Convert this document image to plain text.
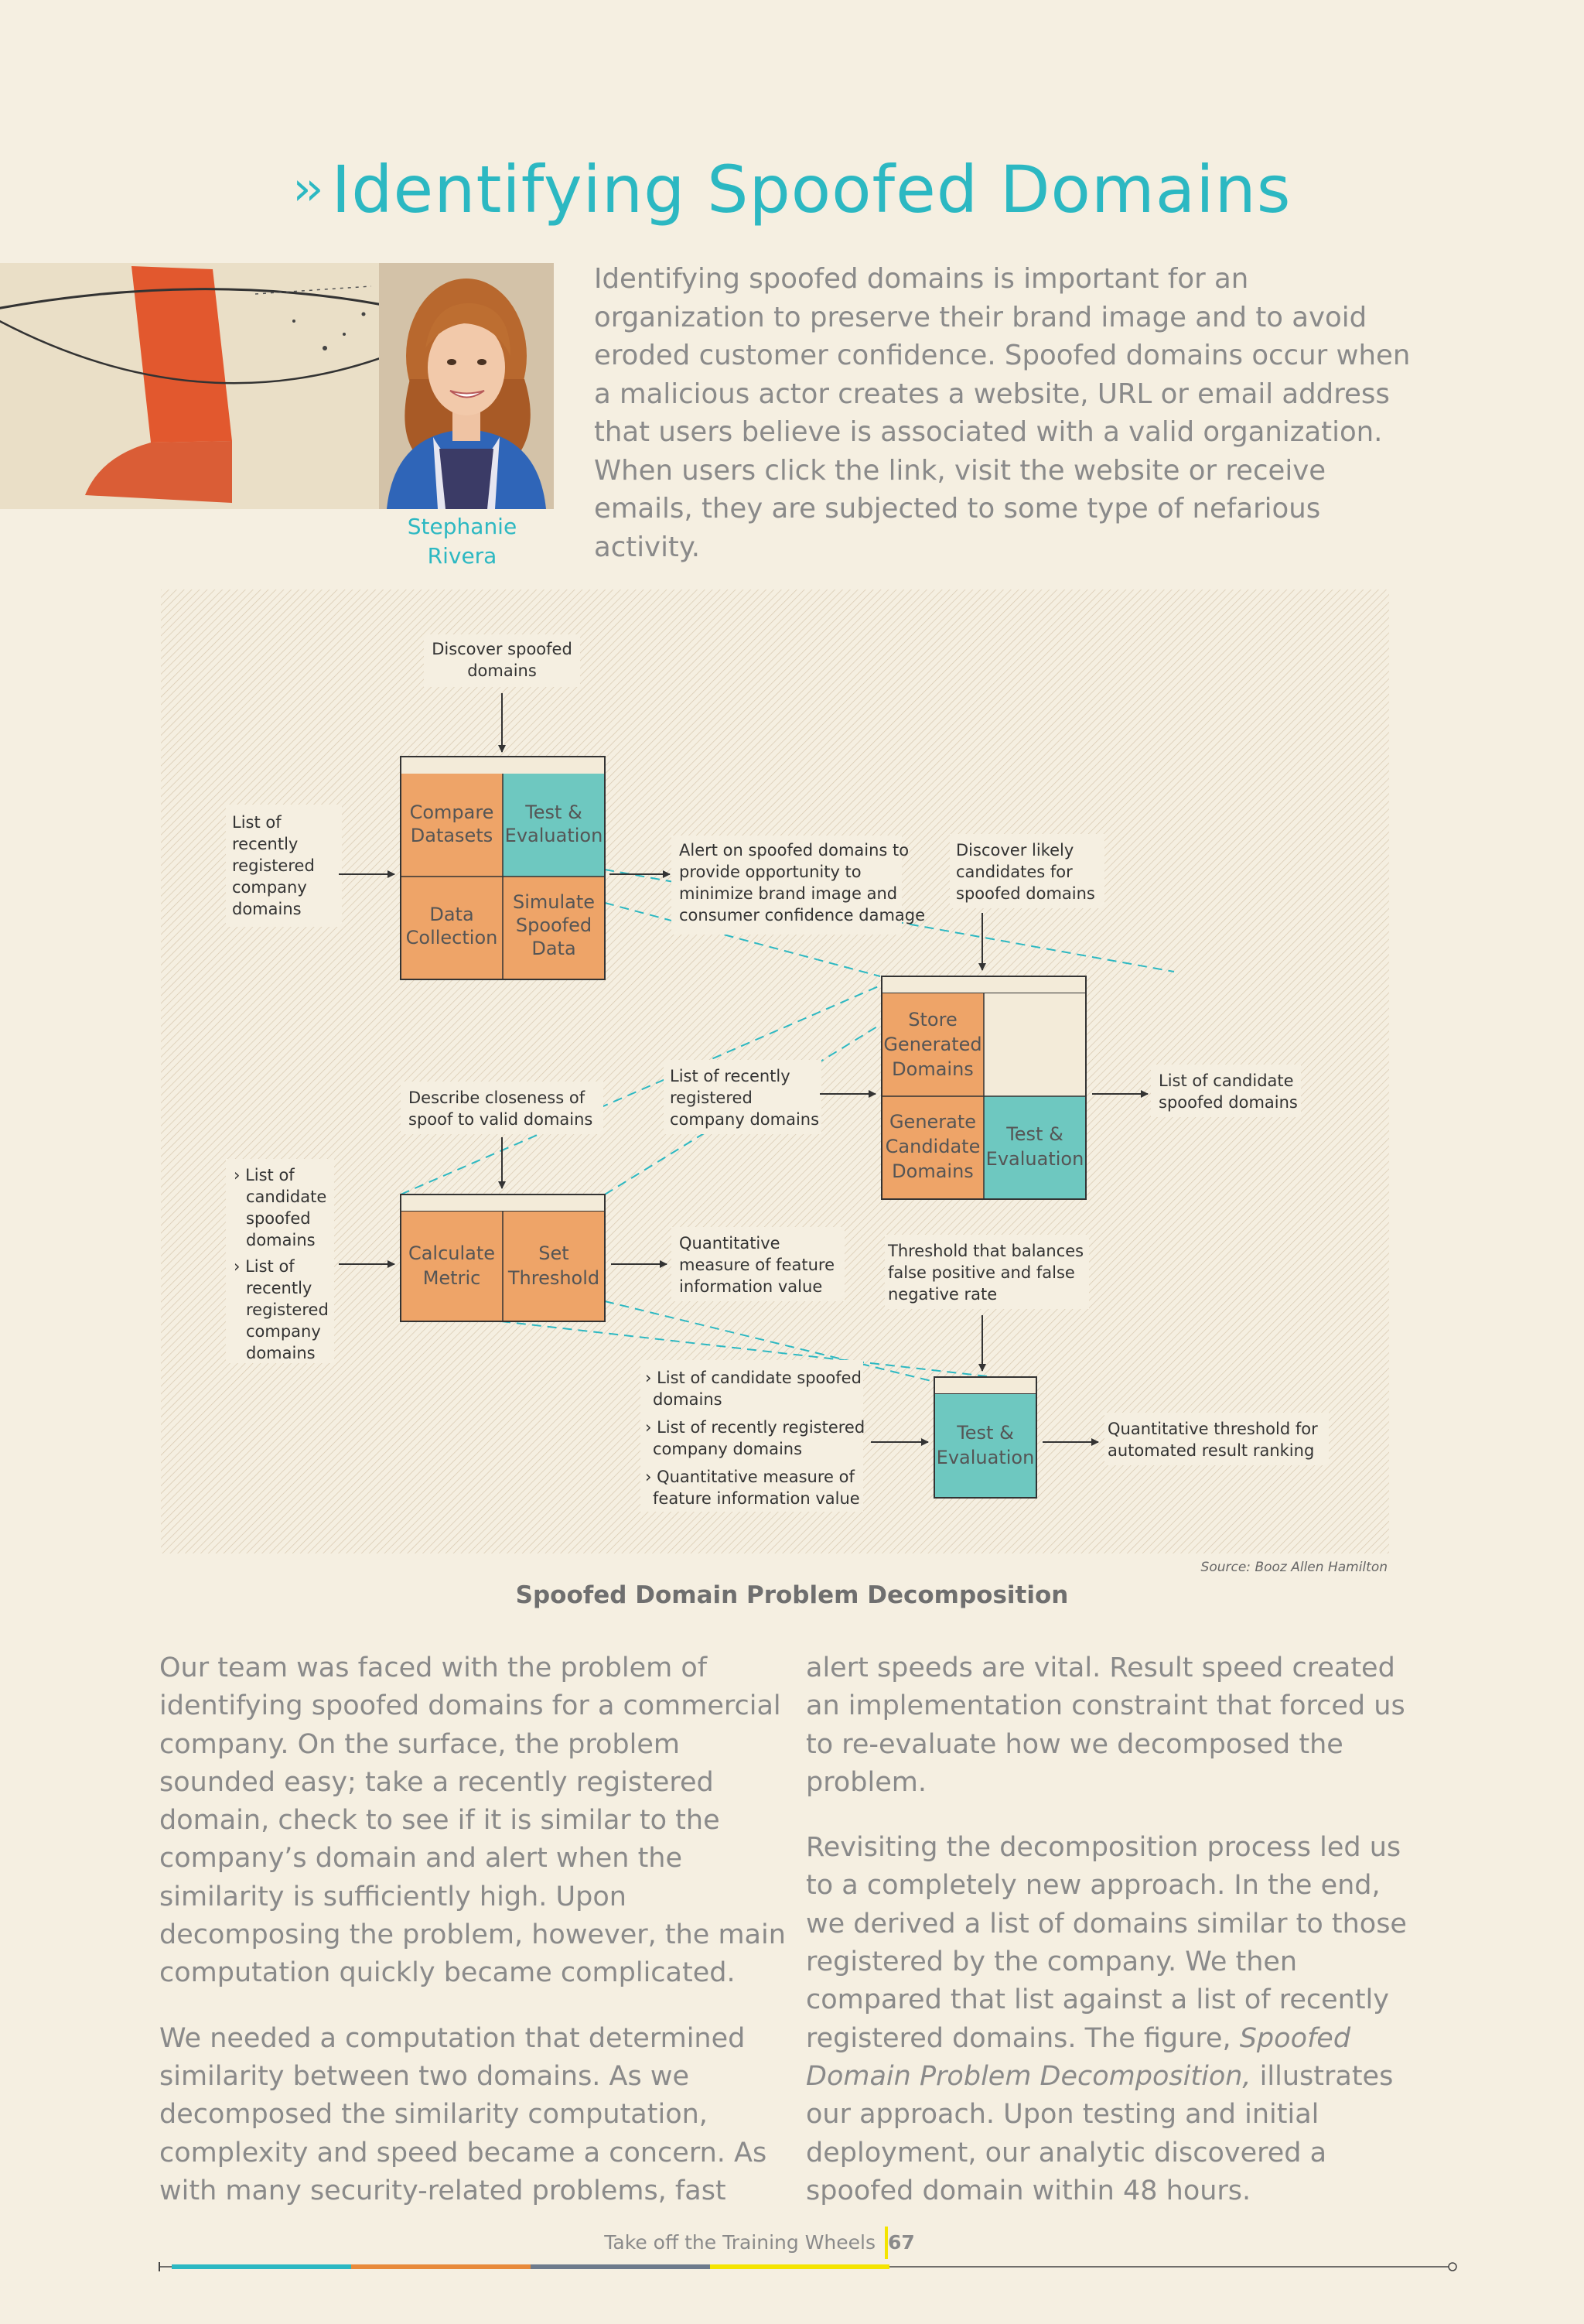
›› Identifying Spoofed Domains
Stephanie
Rivera
Identifying spoofed domains is important for an organization to preserve their brand image and to avoid eroded customer confidence. Spoofed domains occur when a malicious actor creates a website, URL or email address that users believe is associated with a valid organization. When users click the link, visit the website or receive emails, they are subjected to some type of nefarious activity.
Compare Datasets
Test & Evaluation
Data Collection
Simulate Spoofed Data
Discover spoofed domains
List of recently registered company domains
Alert on spoofed domains to provide opportunity to minimize brand image and consumer confidence damage
Store Generated Domains
Generate Candidate Domains
Test & Evaluation
Discover likely candidates for spoofed domains
List of recently registered company domains
List of candidate spoofed domains
Calculate Metric
Set Threshold
Describe closeness of spoof to valid domains
› List of candidate spoofed domains › List of recently registered company domains
Quantitative measure of feature information value
Test & Evaluation
Threshold that balances false positive and false negative rate
› List of candidate spoofed domains › List of recently registered company domains › Quantitative measure of feature information value
Quantitative threshold for automated result ranking
Source: Booz Allen Hamilton
Spoofed Domain Problem Decomposition

Our team was faced with the problem of identifying spoofed domains for a commercial company. On the surface, the problem sounded easy; take a recently registered domain, check to see if it is similar to the company’s domain and alert when the similarity is sufficiently high. Upon decomposing the problem, however, the main computation quickly became complicated.

We needed a computation that determined similarity between two domains. As we decomposed the similarity computation, complexity and speed became a concern. As with many security-related problems, fast

alert speeds are vital. Result speed created an implementation constraint that forced us to re-evaluate how we decomposed the problem.

Revisiting the decomposition process led us to a completely new approach. In the end, we derived a list of domains similar to those registered by the company. We then compared that list against a list of recently registered domains. The figure, Spoofed Domain Problem Decomposition, illustrates our approach. Upon testing and initial deployment, our analytic discovered a spoofed domain within 48 hours.

Take off the Training Wheels 67
